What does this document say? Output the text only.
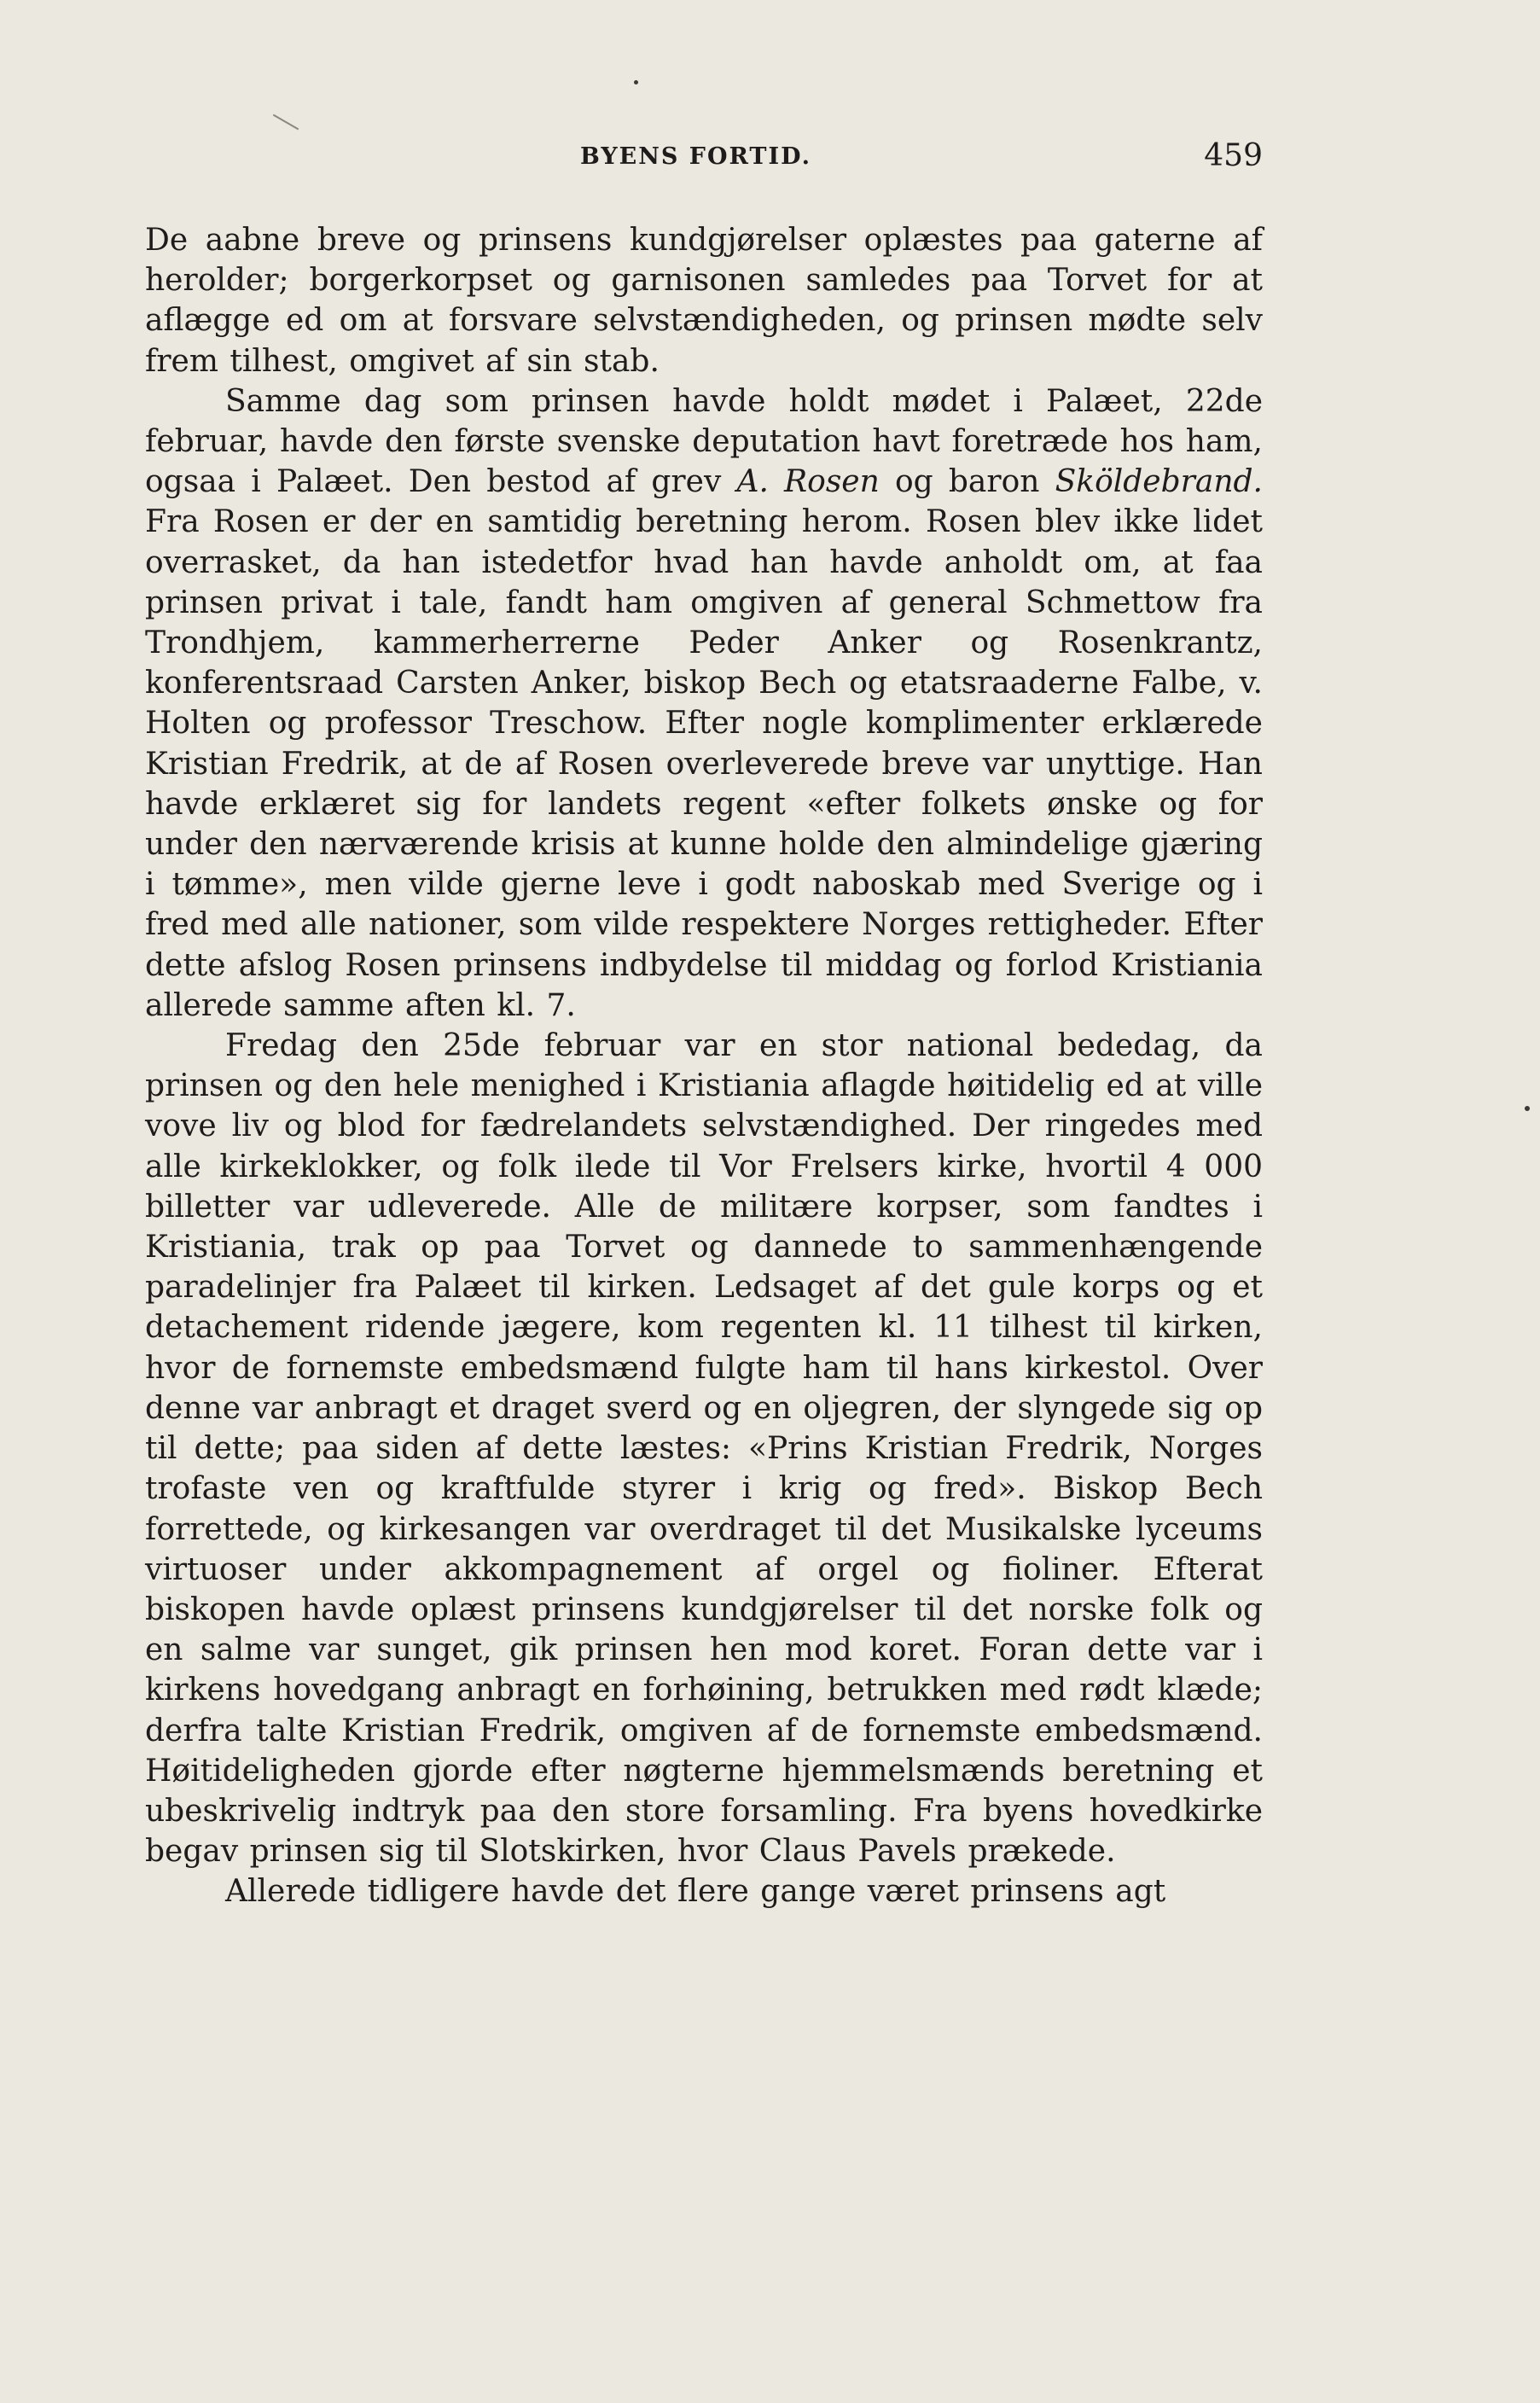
BYENS FORTID.	459

De aabne breve og prinsens kundgjørelser oplæstes paa gaterne af herolder; borgerkorpset og garnisonen samledes paa Torvet for at aflægge ed om at forsvare selvstændigheden, og prinsen mødte selv frem tilhest, omgivet af sin stab.

Samme dag som prinsen havde holdt mødet i Palæet, 22de februar, havde den første svenske deputation havt foretræde hos ham, ogsaa i Palæet. Den bestod af grev A. Rosen og baron Sköldebrand. Fra Rosen er der en samtidig beretning herom. Rosen blev ikke lidet overrasket, da han istedetfor hvad han havde anholdt om, at faa prinsen privat i tale, fandt ham omgiven af general Schmettow fra Trondhjem, kammerherrerne Peder Anker og Rosenkrantz, konferentsraad Carsten Anker, biskop Bech og etatsraaderne Falbe, v. Holten og professor Treschow. Efter nogle komplimenter erklærede Kristian Fredrik, at de af Rosen overleverede breve var unyttige. Han havde erklæret sig for landets regent «efter folkets ønske og for under den nærværende krisis at kunne holde den almindelige gjæring i tømme», men vilde gjerne leve i godt naboskab med Sverige og i fred med alle nationer, som vilde respektere Norges rettigheder. Efter dette afslog Rosen prinsens indbydelse til middag og forlod Kristiania allerede samme aften kl. 7.

Fredag den 25de februar var en stor national bededag, da prinsen og den hele menighed i Kristiania aflagde høitidelig ed at ville vove liv og blod for fædrelandets selvstændighed. Der ringedes med alle kirkeklokker, og folk ilede til Vor Frelsers kirke, hvortil 4 000 billetter var udleverede. Alle de militære korpser, som fandtes i Kristiania, trak op paa Torvet og dannede to sammenhængende paradelinjer fra Palæet til kirken. Ledsaget af det gule korps og et detachement ridende jægere, kom regenten kl. 11 tilhest til kirken, hvor de fornemste embedsmænd fulgte ham til hans kirkestol. Over denne var anbragt et draget sverd og en oljegren, der slyngede sig op til dette; paa siden af dette læstes: «Prins Kristian Fredrik, Norges trofaste ven og kraftfulde styrer i krig og fred». Biskop Bech forrettede, og kirkesangen var overdraget til det Musikalske lyceums virtuoser under akkompagnement af orgel og fioliner. Efterat biskopen havde oplæst prinsens kundgjørelser til det norske folk og en salme var sunget, gik prinsen hen mod koret. Foran dette var i kirkens hovedgang anbragt en forhøining, betrukken med rødt klæde; derfra talte Kristian Fredrik, omgiven af de fornemste embedsmænd. Høitideligheden gjorde efter nøgterne hjemmelsmænds beretning et ubeskrivelig indtryk paa den store forsamling. Fra byens hovedkirke begav prinsen sig til Slotskirken, hvor Claus Pavels prækede.

Allerede tidligere havde det flere gange været prinsens agt
